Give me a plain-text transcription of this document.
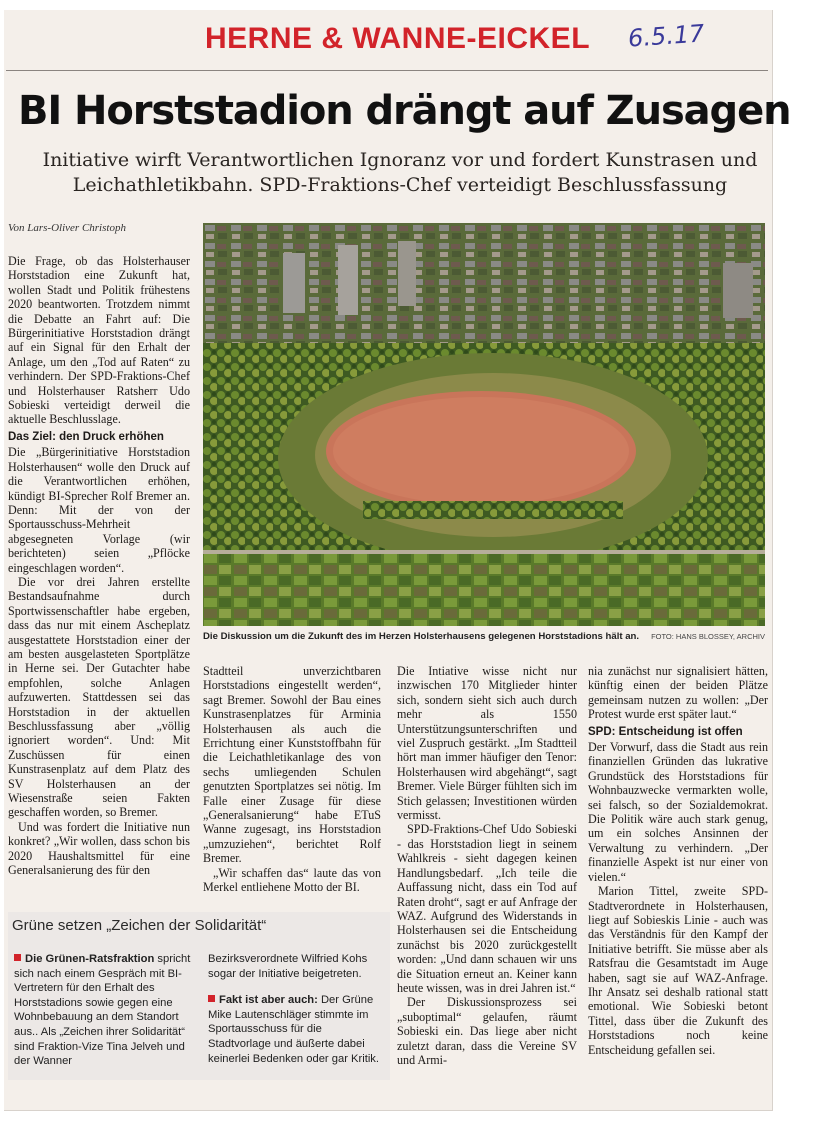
HERNE & WANNE-EICKEL 6.5.17
BI Horststadion drängt auf Zusagen
Initiative wirft Verantwortlichen Ignoranz vor und fordert Kunstrasen und
Leichathletikbahn. SPD-Fraktions-Chef verteidigt Beschlussfassung
Von Lars-Oliver Christoph

Die Frage, ob das Holsterhauser Horststadion eine Zukunft hat, wollen Stadt und Politik frühestens 2020 beantworten. Trotzdem nimmt die Debatte an Fahrt auf: Die Bürgerinitiative Horststadion drängt auf ein Signal für den Erhalt der Anlage, um den „Tod auf Raten“ zu verhindern. Der SPD-Fraktions-Chef und Holsterhauser Ratsherr Udo Sobieski verteidigt derweil die aktuelle Beschlusslage.

Das Ziel: den Druck erhöhen

Die „Bürgerinitiative Horststadion Holsterhausen“ wolle den Druck auf die Verantwortlichen erhöhen, kündigt BI-Sprecher Rolf Bremer an. Denn: Mit der von der Sportausschuss-Mehrheit abgesegneten Vorlage (wir berichteten) seien „Pflöcke eingeschlagen worden“.

Die vor drei Jahren erstellte Bestandsaufnahme durch Sportwissenschaftler habe ergeben, dass das nur mit einem Ascheplatz ausgestattete Horststadion einer der am besten ausgelasteten Sportplätze in Herne sei. Der Gutachter habe empfohlen, solche Anlagen aufzuwerten. Stattdessen sei das Horststadion in der aktuellen Beschlussfassung aber „völlig ignoriert worden“. Und: Mit Zuschüssen für einen Kunstrasenplatz auf dem Platz des SV Holsterhausen an der Wiesenstraße seien Fakten geschaffen worden, so Bremer.

Und was fordert die Initiative nun konkret? „Wir wollen, dass schon bis 2020 Haushaltsmittel für eine Generalsanierung des für den

Die Diskussion um die Zukunft des im Herzen Holsterhausens gelegenen Horststadions hält an. FOTO: HANS BLOSSEY, ARCHIV

Stadtteil unverzichtbaren Horststadions eingestellt werden“, sagt Bremer. Sowohl der Bau eines Kunstrasenplatzes für Arminia Holsterhausen als auch die Errichtung einer Kunststoffbahn für die Leichathletikanlage des von sechs umliegenden Schulen genutzten Sportplatzes sei nötig. Im Falle einer Zusage für diese „Generalsanierung“ habe ETuS Wanne zugesagt, ins Horststadion „umzuziehen“, berichtet Rolf Bremer.

„Wir schaffen das“ laute das von Merkel entliehene Motto der BI.

Die Intiative wisse nicht nur inzwischen 170 Mitglieder hinter sich, sondern sieht sich auch durch mehr als 1550 Unterstützungsunterschriften und viel Zuspruch gestärkt. „Im Stadtteil hört man immer häufiger den Tenor: Holsterhausen wird abgehängt“, sagt Bremer. Viele Bürger fühlten sich im Stich gelassen; Investitionen würden vermisst.

SPD-Fraktions-Chef Udo Sobieski - das Horststadion liegt in seinem Wahlkreis - sieht dagegen keinen Handlungsbedarf. „Ich teile die Auffassung nicht, dass ein Tod auf Raten droht“, sagt er auf Anfrage der WAZ. Aufgrund des Widerstands in Holsterhausen sei die Entscheidung zunächst bis 2020 zurückgestellt worden: „Und dann schauen wir uns die Situation erneut an. Keiner kann heute wissen, was in drei Jahren ist.“

Der Diskussionsprozess sei „suboptimal“ gelaufen, räumt Sobieski ein. Das liege aber nicht zuletzt daran, dass die Vereine SV und Armi-

nia zunächst nur signalisiert hätten, künftig einen der beiden Plätze gemeinsam nutzen zu wollen: „Der Protest wurde erst später laut.“

SPD: Entscheidung ist offen

Der Vorwurf, dass die Stadt aus rein finanziellen Gründen das lukrative Grundstück des Horststadions für Wohnbauzwecke vermarkten wolle, sei falsch, so der Sozialdemokrat. Die Politik wäre auch stark genug, um ein solches Ansinnen der Verwaltung zu verhindern. „Der finanzielle Aspekt ist nur einer von vielen.“

Marion Tittel, zweite SPD-Stadtverordnete in Holsterhausen, liegt auf Sobieskis Linie - auch was das Verständnis für den Kampf der Initiative betrifft. Sie müsse aber als Ratsfrau die Gesamtstadt im Auge haben, sagt sie auf WAZ-Anfrage. Ihr Ansatz sei deshalb rational statt emotional. Wie Sobieski betont Tittel, dass über die Zukunft des Horststadions noch keine Entscheidung gefallen sei.

Grüne setzen „Zeichen der Solidarität“

Die Grünen-Ratsfraktion spricht sich nach einem Gespräch mit BI-Vertretern für den Erhalt des Horststadions sowie gegen eine Wohnbebauung an dem Standort aus.. Als „Zeichen ihrer Solidarität“ sind Fraktion-Vize Tina Jelveh und der Wanner

Bezirksverordnete Wilfried Kohs sogar der Initiative beigetreten.

Fakt ist aber auch: Der Grüne Mike Lautenschläger stimmte im Sportausschuss für die Stadtvorlage und äußerte dabei keinerlei Bedenken oder gar Kritik.
